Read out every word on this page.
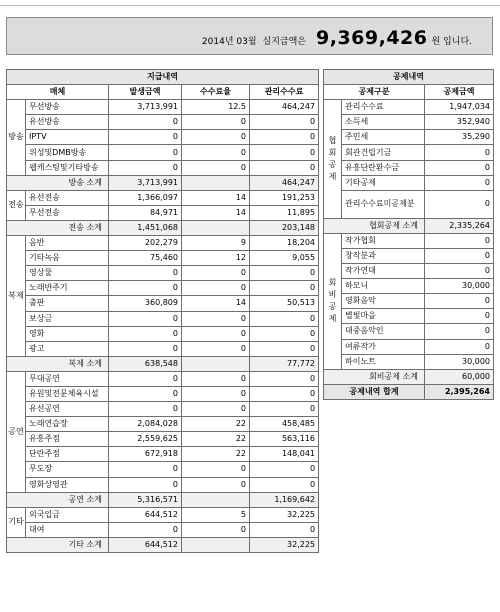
2014년 03월 실지급액은 9,369,426 원 입니다.
지급내역				
매체		발생금액	수수료율	관리수수료
방송	무선방송	3,713,991	12.5	464,247
	유선방송	0	0	0
	IPTV	0	0	0
	위성및DMB방송	0	0	0
	웹캐스팅및기타방송	0	0	0
방송 소계		3,713,991		464,247
전송	유선전송	1,366,097	14	191,253
	무선전송	84,971	14	11,895
전송 소계		1,451,068		203,148
복제	음반	202,279	9	18,204
	기타녹음	75,460	12	9,055
	영상물	0	0	0
	노래반주기	0	0	0
	출판	360,809	14	50,513
	보상금	0	0	0
	영화	0	0	0
	광고	0	0	0
복제 소계		638,548		77,772
공연	무대공연	0	0	0
	유원및전문체육시설	0	0	0
	유선공연	0	0	0
	노래연습장	2,084,028	22	458,485
	유흥주점	2,559,625	22	563,116
	단란주점	672,918	22	148,041
	무도장	0	0	0
	영화상영관	0	0	0
공연 소계		5,316,571		1,169,642
기타	외국입금	644,512	5	32,225
	대여	0	0	0
기타 소계		644,512		32,225
공제내역		
공제구분		공제금액
협회공제	관리수수료	1,947,034
	소득세	352,940
	주민세	35,290
	회관건립기금	0
	유흥단란환수금	0
	기타공제	0
	관리수수료미공제분	0
협회공제 소계		2,335,264
회비공제	작가협회	0
	창작분과	0
	작가연대	0
	하모니	30,000
	영화음악	0
	별빛마을	0
	대중음악인	0
	여류작가	0
	하이노트	30,000
회비공제 소계		60,000
공제내역 합계		2,395,264
